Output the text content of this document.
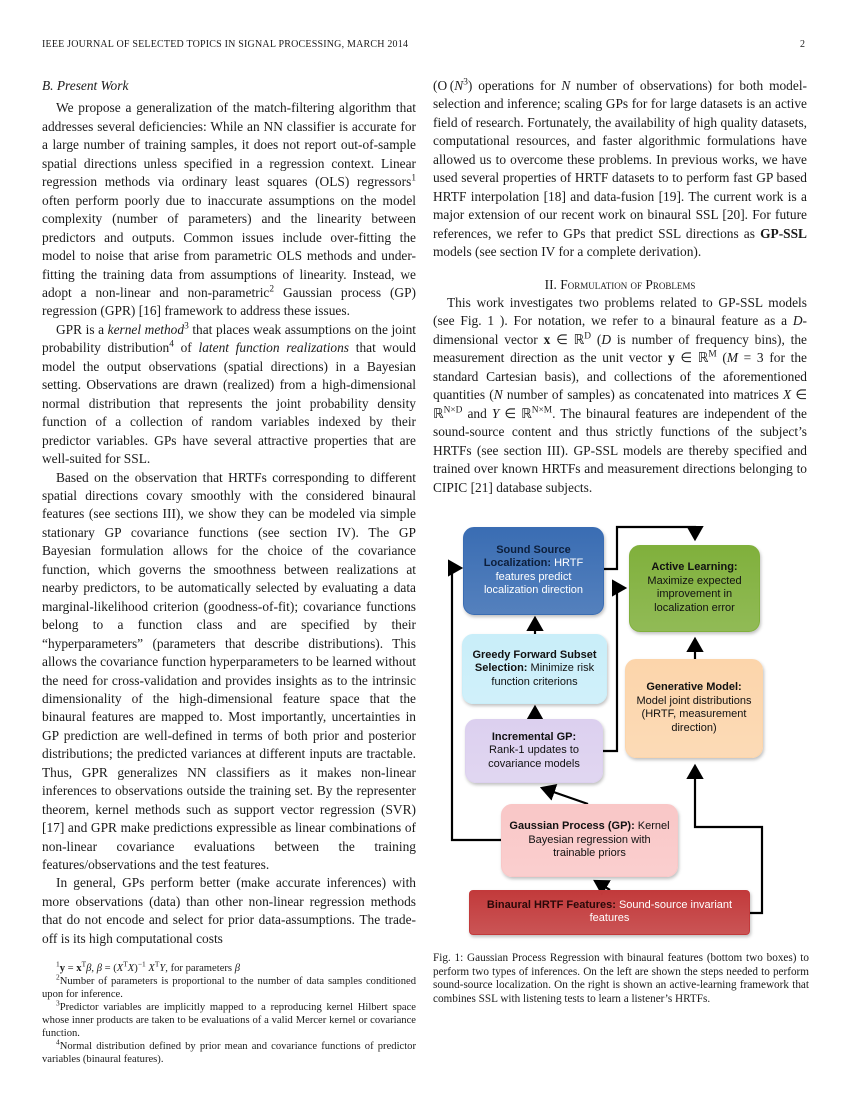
IEEE JOURNAL OF SELECTED TOPICS IN SIGNAL PROCESSING, MARCH 2014	2
B. Present Work

We propose a generalization of the match-filtering algorithm that addresses several deficiencies: While an NN classifier is accurate for a large number of training samples, it does not report out-of-sample spatial directions unless specified in a regression context. Linear regression methods via ordinary least squares (OLS) regressors$^1$ often perform poorly due to inaccurate assumptions on the model complexity (number of parameters) and the linearity between predictors and outputs. Common issues include over-fitting the model to noise that arise from parametric OLS methods and under-fitting the training data from assumptions of linearity. Instead, we adopt a non-linear and non-parametric$^2$ Gaussian process (GP) regression (GPR) [16] framework to address these issues.

GPR is a kernel method$^3$ that places weak assumptions on the joint probability distribution$^4$ of latent function realizations that would model the output observations (spatial directions) in a Bayesian setting. Observations are drawn (realized) from a high-dimensional normal distribution that represents the joint probability density function of a collection of random variables indexed by their predictor variables. GPs have several attractive properties that are well-suited for SSL.

Based on the observation that HRTFs corresponding to different spatial directions covary smoothly with the considered binaural features (see sections III), we show they can be modeled via simple stationary GP covariance functions (see section IV). The GP Bayesian formulation allows for the choice of the covariance function, which governs the smoothness between realizations at nearby predictors, to be automatically selected by evaluating a data marginal-likelihood criterion (goodness-of-fit); covariance functions belong to a function class and are specified by their “hyperparameters” (parameters that describe distributions). This allows the covariance function hyperparameters to be learned without the need for cross-validation and provides insights as to the intrinsic dimensionality of the high-dimensional feature space that the binaural features are mapped to. Most importantly, uncertainties in GP prediction are well-defined in terms of both prior and posterior distributions; the predicted variances at different inputs are tractable. Thus, GPR generalizes NN classifiers as it makes non-linear inferences to observations outside the training set. By the representer theorem, kernel methods such as support vector regression (SVR) [17] and GPR make predictions expressible as linear combinations of non-linear covariance evaluations between the training features/observations and the test features.

In general, GPs perform better (make accurate inferences) with more observations (data) than other non-linear regression methods that do not encode and select for prior data-assumptions. The trade-off is its high computational costs

$^1y = x^T\beta$, $\beta = (X^TX)^{-1}$ $X^TY$, for parameters β

$^2$Number of parameters is proportional to the number of data samples conditioned upon for inference.

$^3$Predictor variables are implicitly mapped to a reproducing kernel Hilbert space whose inner products are taken to be evaluations of a valid Mercer kernel or covariance function.

$^4$Normal distribution defined by prior mean and covariance functions of predictor variables (binaural features).

(O $(N^3)$ operations for N number of observations) for both model-selection and inference; scaling GPs for for large datasets is an active field of research. Fortunately, the availability of high quality datasets, computational resources, and faster algorithmic formulations have allowed us to overcome these problems. In previous works, we have used several properties of HRTF datasets to to perform fast GP based HRTF interpolation [18] and data-fusion [19]. The current work is a major extension of our recent work on binaural SSL [20]. For future references, we refer to GPs that predict SSL directions as GP-SSL models (see section IV for a complete derivation).

II. Formulation of Problems

This work investigates two problems related to GP-SSL models (see Fig. 1 ). For notation, we refer to a binaural feature as a D-dimensional vector x ∈ ℝ$^D$ (D is number of frequency bins), the measurement direction as the unit vector y ∈ ℝ$^M$ (M = 3 for the standard Cartesian basis), and collections of the aforementioned quantities (N number of samples) as concatenated into matrices X ∈ ℝ$^{N\times D}$ and Y ∈ ℝ$^{N\times M}$. The binaural features are independent of the sound-source content and thus strictly functions of the subject’s HRTFs (see section III). GP-SSL models are thereby specified and trained over known HRTFs and measurement directions belonging to CIPIC [21] database subjects.

Sound Source Localization: HRTF features predict localization direction
Active Learning:
Maximize expected improvement in localization error
Greedy Forward Subset Selection: Minimize risk function criterions	Generative Model: Model joint distributions (HRTF, measurement direction)
Incremental GP:
Rank-1 updates to covariance models
Gaussian Process (GP): Kernel Bayesian regression with trainable priors
Binaural HRTF Features: Sound-source invariant features
Fig. 1: Gaussian Process Regression with binaural features (bottom two boxes) to perform two types of inferences. On the left are shown the steps needed to perform sound-source localization. On the right is shown an active-learning framework that combines SSL with listening tests to learn a listener’s HRTFs.
